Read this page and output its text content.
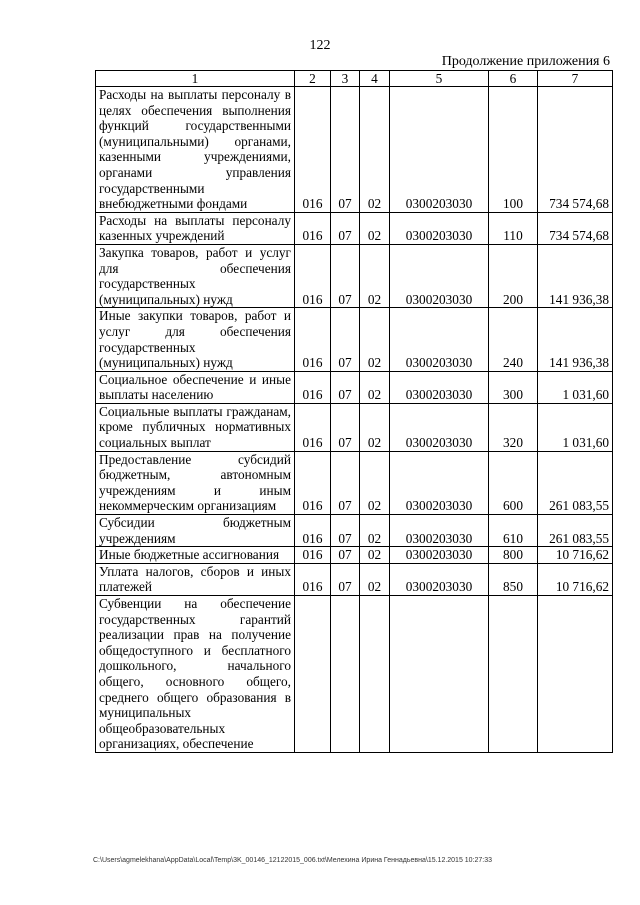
122
Продолжение приложения 6
1	2	3	4	5	6	7
Расходы на выплаты персоналу в целях обеспечения выполнения функций государственными (муниципальными) органами, казенными учреждениями, органами управления государственными внебюджетными фондами	016	07	02	0300203030	100	734 574,68
Расходы на выплаты персоналу казенных учреждений	016	07	02	0300203030	110	734 574,68
Закупка товаров, работ и услуг для обеспечения государственных (муниципальных) нужд	016	07	02	0300203030	200	141 936,38
Иные закупки товаров, работ и услуг для обеспечения государственных (муниципальных) нужд	016	07	02	0300203030	240	141 936,38
Социальное обеспечение и иные выплаты населению	016	07	02	0300203030	300	1 031,60
Социальные выплаты гражданам, кроме публичных нормативных социальных выплат	016	07	02	0300203030	320	1 031,60
Предоставление субсидий бюджетным, автономным учреждениям и иным некоммерческим организациям	016	07	02	0300203030	600	261 083,55
Субсидии бюджетным учреждениям	016	07	02	0300203030	610	261 083,55
Иные бюджетные ассигнования	016	07	02	0300203030	800	10 716,62
Уплата налогов, сборов и иных платежей	016	07	02	0300203030	850	10 716,62
Субвенции на обеспечение государственных гарантий реализации прав на получение общедоступного и бесплатного дошкольного, начального общего, основного общего, среднего общего образования в муниципальных общеобразовательных организациях, обеспечение						
C:\Users\agmelekhana\AppData\Local\Temp\3K_00146_12122015_006.txt\Мелехина Ирина Геннадьевна\15.12.2015 10:27:33
